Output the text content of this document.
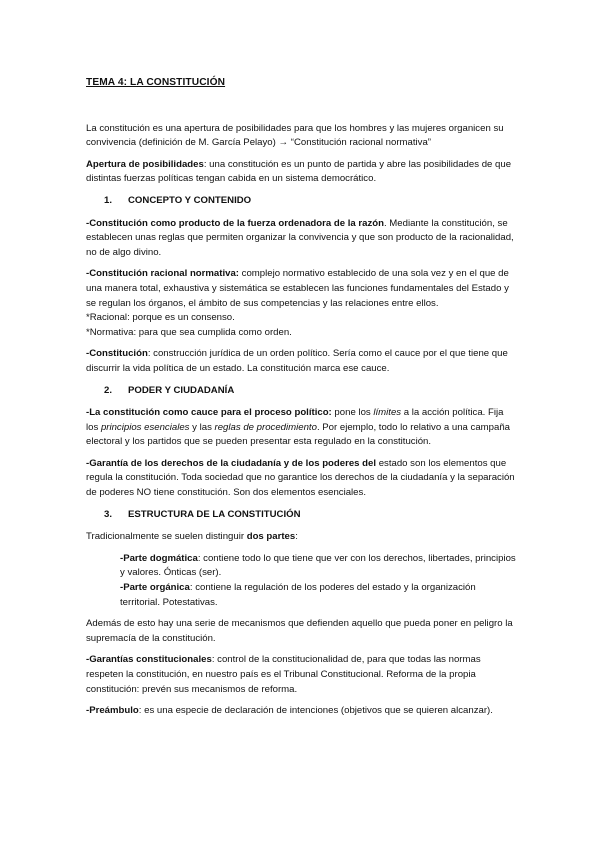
TEMA 4: LA CONSTITUCIÓN

La constitución es una apertura de posibilidades para que los hombres y las mujeres organicen su convivencia (definición de M. García Pelayo) → “Constitución racional normativa”

Apertura de posibilidades: una constitución es un punto de partida y abre las posibilidades de que distintas fuerzas políticas tengan cabida en un sistema democrático.

1. CONCEPTO Y CONTENIDO

-Constitución como producto de la fuerza ordenadora de la razón. Mediante la constitución, se establecen unas reglas que permiten organizar la convivencia y que son producto de la racionalidad, no de algo divino.

-Constitución racional normativa: complejo normativo establecido de una sola vez y en el que de una manera total, exhaustiva y sistemática se establecen las funciones fundamentales del Estado y se regulan los órganos, el ámbito de sus competencias y las relaciones entre ellos.

*Racional: porque es un consenso.

*Normativa: para que sea cumplida como orden.

-Constitución: construcción jurídica de un orden político. Sería como el cauce por el que tiene que discurrir la vida política de un estado. La constitución marca ese cauce.

2. PODER Y CIUDADANÍA

-La constitución como cauce para el proceso político: pone los límites a la acción política. Fija los principios esenciales y las reglas de procedimiento. Por ejemplo, todo lo relativo a una campaña electoral y los partidos que se pueden presentar esta regulado en la constitución.

-Garantía de los derechos de la ciudadanía y de los poderes del estado son los elementos que regula la constitución. Toda sociedad que no garantice los derechos de la ciudadanía y la separación de poderes NO tiene constitución. Son dos elementos esenciales.

3. ESTRUCTURA DE LA CONSTITUCIÓN

Tradicionalmente se suelen distinguir dos partes:

-Parte dogmática: contiene todo lo que tiene que ver con los derechos, libertades, principios y valores. Ónticas (ser).

-Parte orgánica: contiene la regulación de los poderes del estado y la organización territorial. Potestativas.

Además de esto hay una serie de mecanismos que defienden aquello que pueda poner en peligro la supremacía de la constitución.

-Garantías constitucionales: control de la constitucionalidad de, para que todas las normas respeten la constitución, en nuestro país es el Tribunal Constitucional. Reforma de la propia constitución: prevén sus mecanismos de reforma.

-Preámbulo: es una especie de declaración de intenciones (objetivos que se quieren alcanzar).
